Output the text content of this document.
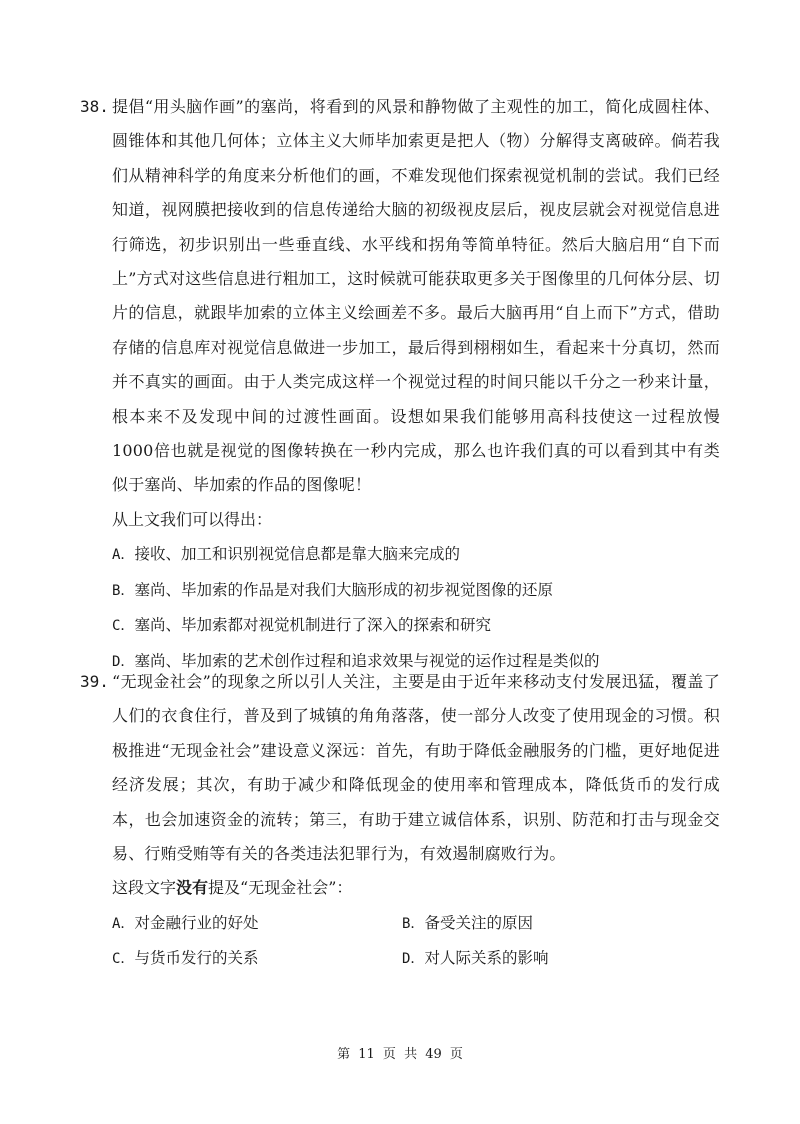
38. 提倡“用头脑作画”的塞尚，将看到的风景和静物做了主观性的加工，简化成圆柱体、圆锥体和其他几何体；立体主义大师毕加索更是把人（物）分解得支离破碎。倘若我们从精神科学的角度来分析他们的画，不难发现他们探索视觉机制的尝试。我们已经知道，视网膜把接收到的信息传递给大脑的初级视皮层后，视皮层就会对视觉信息进行筛选，初步识别出一些垂直线、水平线和拐角等简单特征。然后大脑启用“自下而上”方式对这些信息进行粗加工，这时候就可能获取更多关于图像里的几何体分层、切片的信息，就跟毕加索的立体主义绘画差不多。最后大脑再用“自上而下”方式，借助存储的信息库对视觉信息做进一步加工，最后得到栩栩如生，看起来十分真切，然而并不真实的画面。由于人类完成这样一个视觉过程的时间只能以千分之一秒来计量，根本来不及发现中间的过渡性画面。设想如果我们能够用高科技使这一过程放慢1000倍也就是视觉的图像转换在一秒内完成，那么也许我们真的可以看到其中有类似于塞尚、毕加索的作品的图像呢！
从上文我们可以得出：
A．接收、加工和识别视觉信息都是靠大脑来完成的
B．塞尚、毕加索的作品是对我们大脑形成的初步视觉图像的还原
C．塞尚、毕加索都对视觉机制进行了深入的探索和研究
D．塞尚、毕加索的艺术创作过程和追求效果与视觉的运作过程是类似的
39. “无现金社会”的现象之所以引人关注，主要是由于近年来移动支付发展迅猛，覆盖了人们的衣食住行，普及到了城镇的角角落落，使一部分人改变了使用现金的习惯。积极推进“无现金社会”建设意义深远：首先，有助于降低金融服务的门槛，更好地促进经济发展；其次，有助于减少和降低现金的使用率和管理成本，降低货币的发行成本，也会加速资金的流转；第三，有助于建立诚信体系，识别、防范和打击与现金交易、行贿受贿等有关的各类违法犯罪行为，有效遏制腐败行为。
这段文字没有提及“无现金社会”：
A．对金融行业的好处	B．备受关注的原因
C．与货币发行的关系	D．对人际关系的影响
第 11 页 共 49 页
